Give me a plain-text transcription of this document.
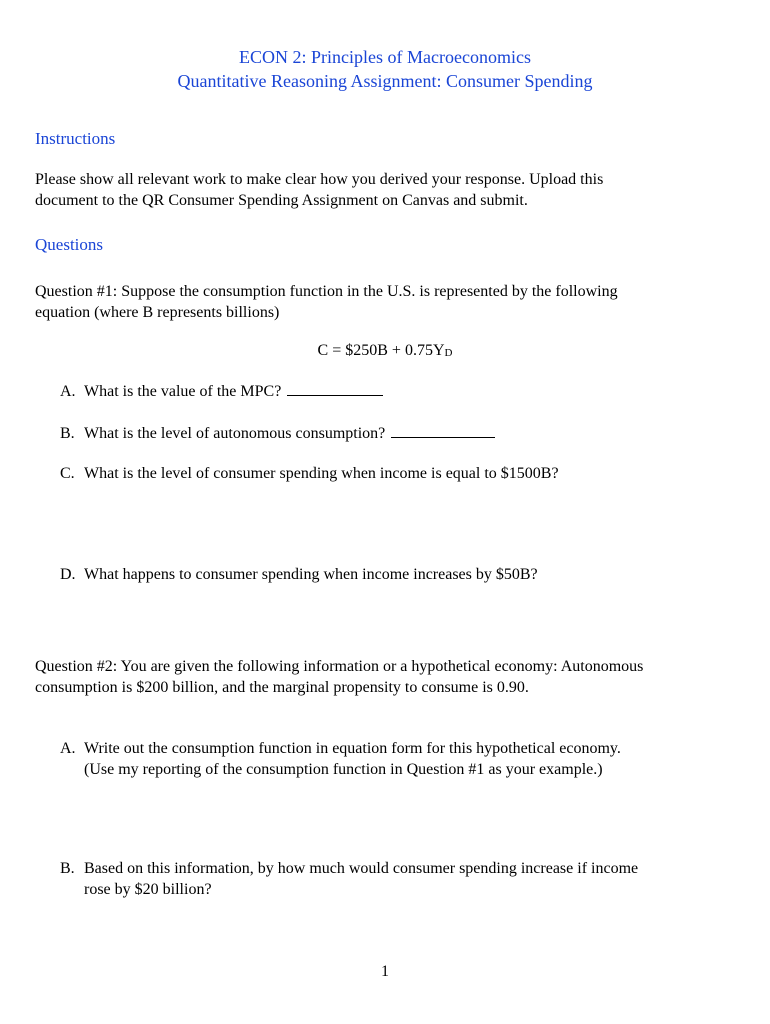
ECON 2: Principles of Macroeconomics
Quantitative Reasoning Assignment: Consumer Spending
Instructions
Please show all relevant work to make clear how you derived your response. Upload this
document to the QR Consumer Spending Assignment on Canvas and submit.
Questions
Question #1: Suppose the consumption function in the U.S. is represented by the following
equation (where B represents billions)
C = $250B + 0.75YD
A. What is the value of the MPC?
B. What is the level of autonomous consumption?
C. What is the level of consumer spending when income is equal to $1500B?
D. What happens to consumer spending when income increases by $50B?
Question #2: You are given the following information or a hypothetical economy: Autonomous
consumption is $200 billion, and the marginal propensity to consume is 0.90.
A. Write out the consumption function in equation form for this hypothetical economy.
(Use my reporting of the consumption function in Question #1 as your example.)
B. Based on this information, by how much would consumer spending increase if income
rose by $20 billion?
1
